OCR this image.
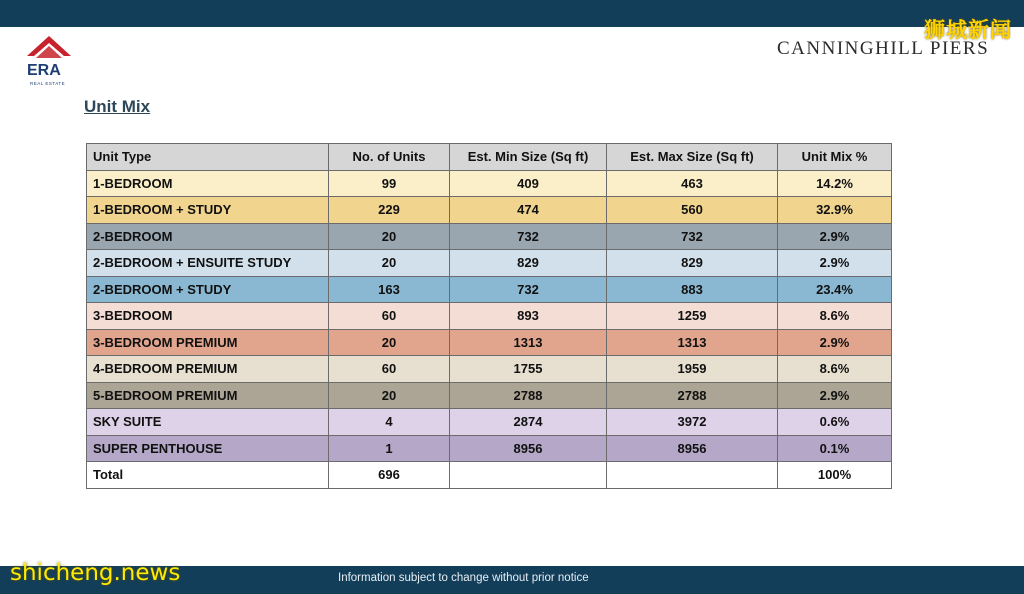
狮城新闻
ERA
REAL ESTATE
CANNINGHILL PIERS
Unit Mix
Unit Type	No. of Units	Est. Min Size (Sq ft)	Est. Max Size (Sq ft)	Unit Mix %
1-BEDROOM	99	409	463	14.2%
1-BEDROOM + STUDY	229	474	560	32.9%
2-BEDROOM	20	732	732	2.9%
2-BEDROOM + ENSUITE STUDY	20	829	829	2.9%
2-BEDROOM + STUDY	163	732	883	23.4%
3-BEDROOM	60	893	1259	8.6%
3-BEDROOM PREMIUM	20	1313	1313	2.9%
4-BEDROOM PREMIUM	60	1755	1959	8.6%
5-BEDROOM PREMIUM	20	2788	2788	2.9%
SKY SUITE	4	2874	3972	0.6%
SUPER PENTHOUSE	1	8956	8956	0.1%
Total	696			100%
Information subject to change without prior notice
shicheng.news
